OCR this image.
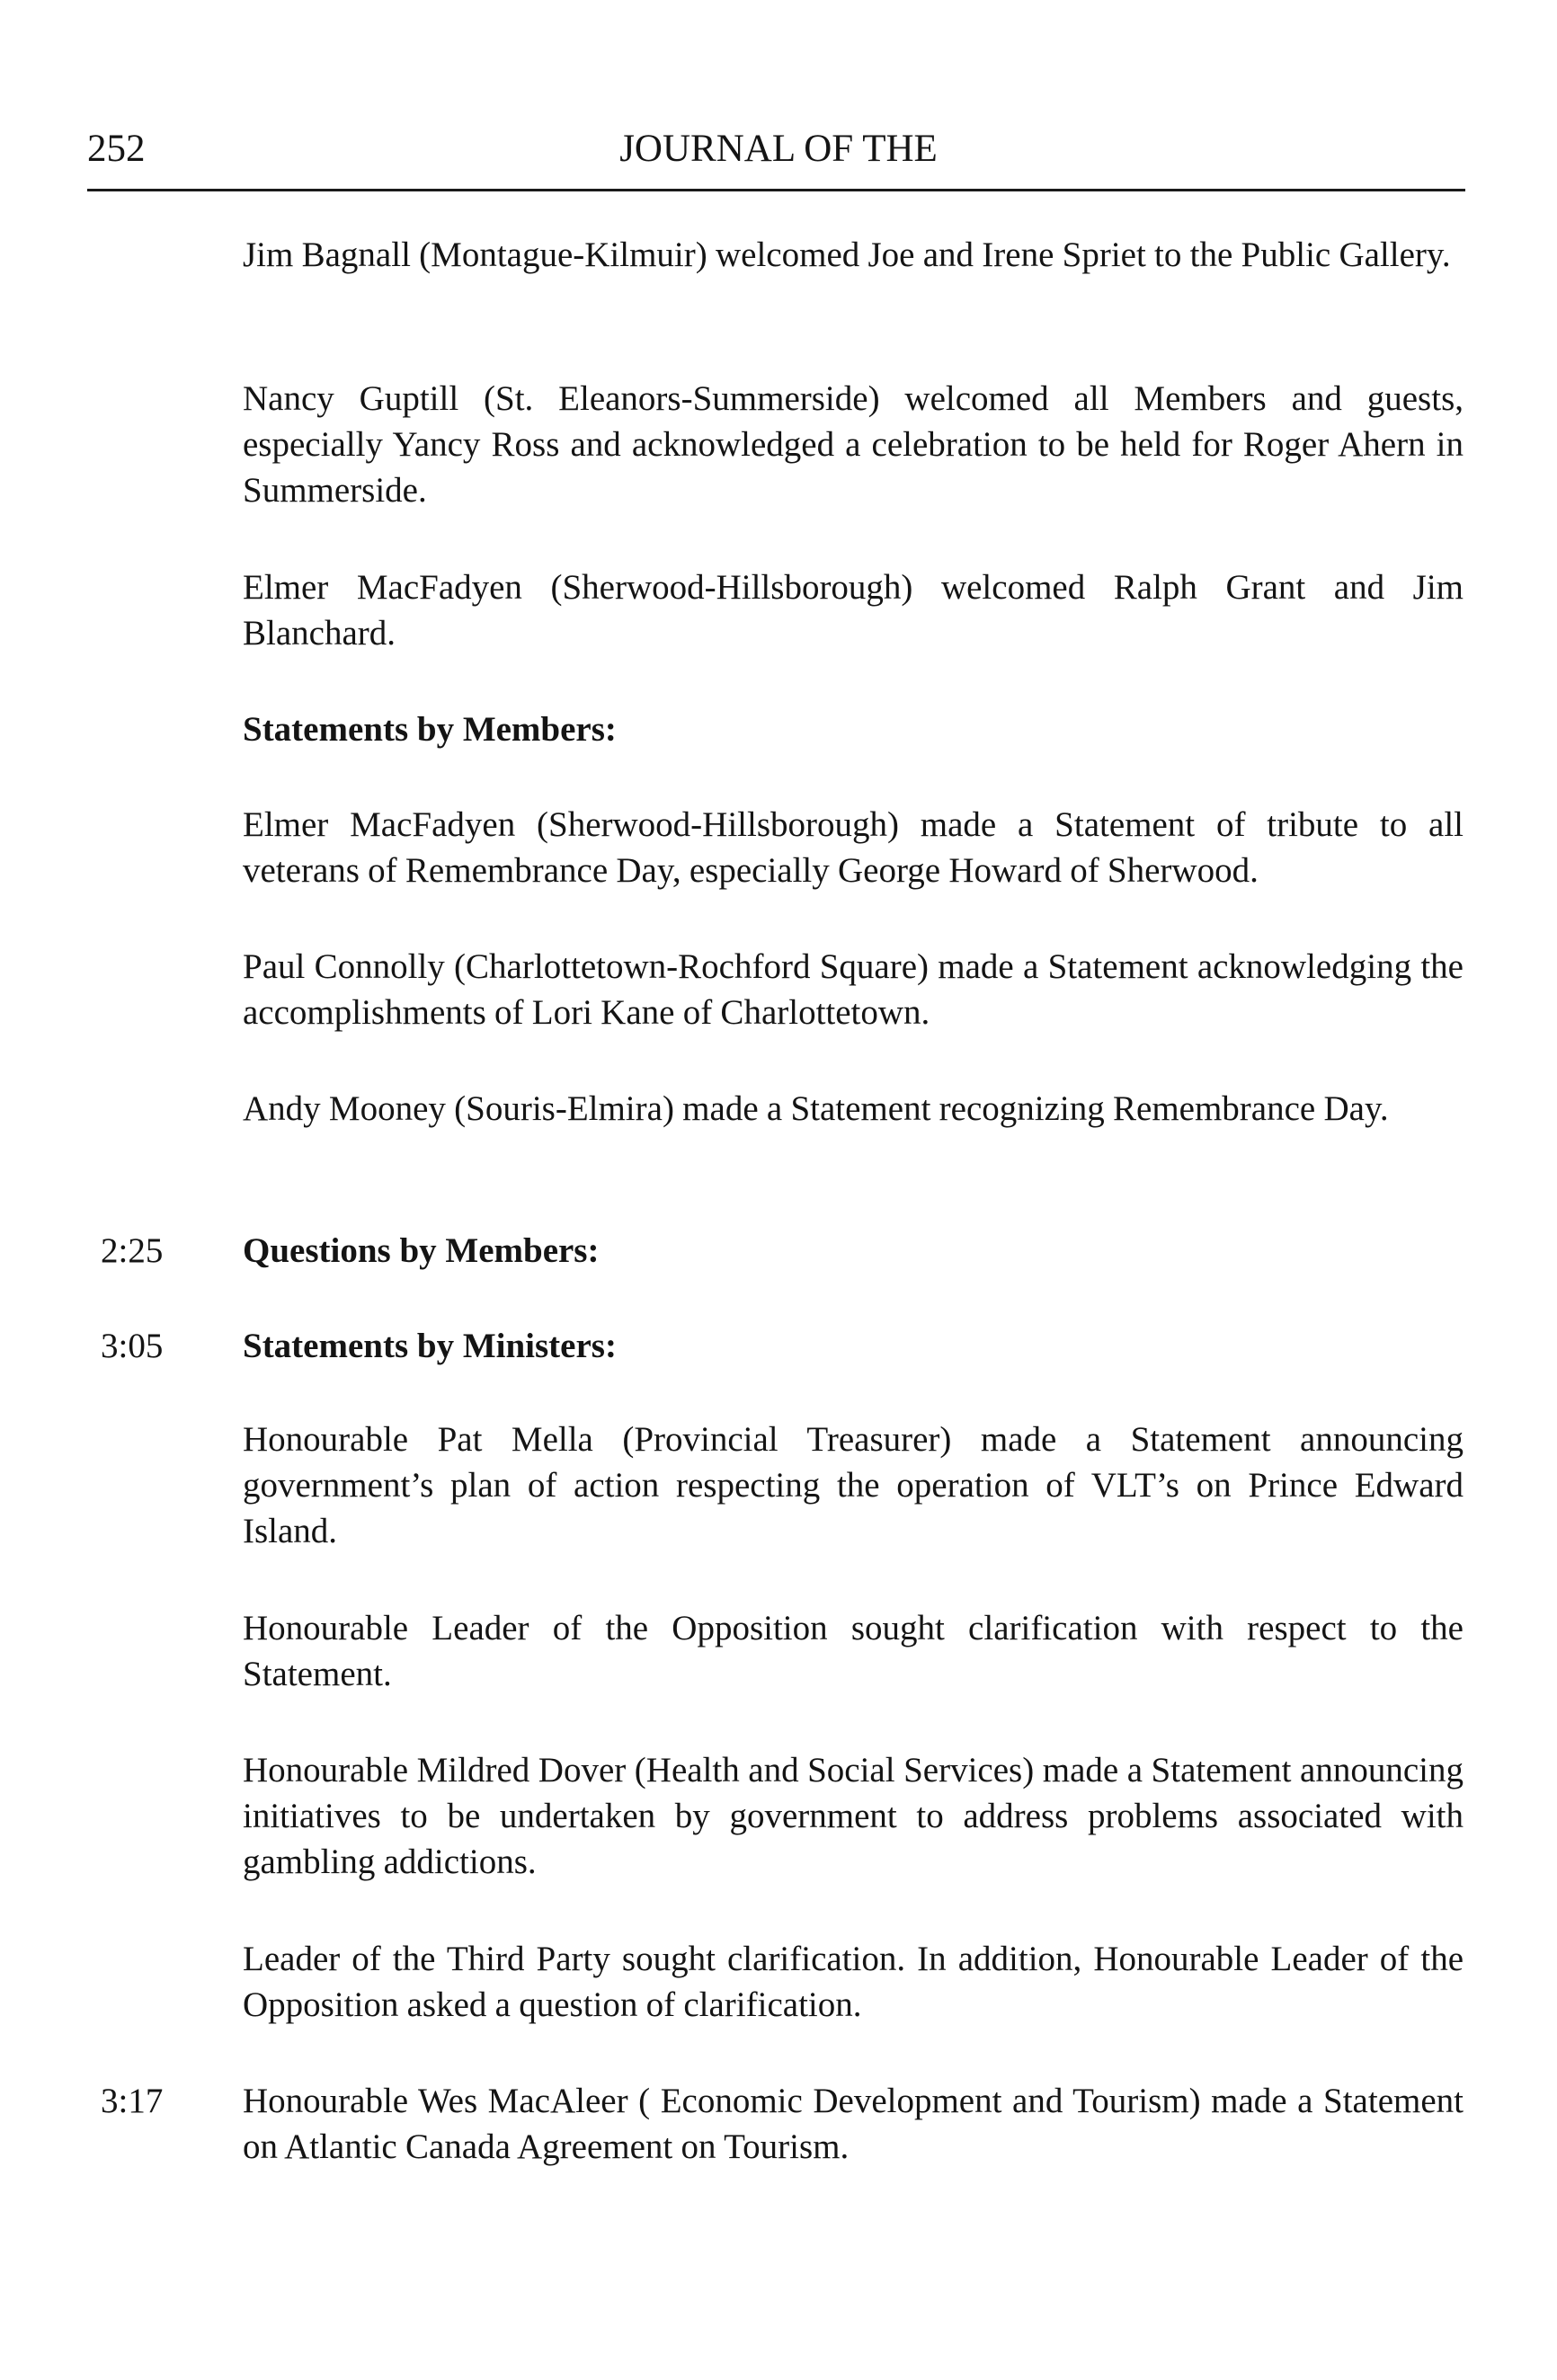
252	JOURNAL OF THE
Jim Bagnall (Montague-Kilmuir) welcomed Joe and Irene Spriet to the Public Gallery.
Nancy Guptill (St. Eleanors-Summerside) welcomed all Members and guests, especially Yancy Ross and acknowledged a celebration to be held for Roger Ahern in Summerside.
Elmer MacFadyen (Sherwood-Hillsborough) welcomed Ralph Grant and Jim Blanchard.
Statements by Members:
Elmer MacFadyen (Sherwood-Hillsborough) made a Statement of tribute to all veterans of Remembrance Day, especially George Howard of Sherwood.
Paul Connolly (Charlottetown-Rochford Square) made a Statement acknowledging the accomplishments of Lori Kane of Charlottetown.
Andy Mooney (Souris-Elmira) made a Statement recognizing Remembrance Day.
2:25 Questions by Members:
3:05 Statements by Ministers:
Honourable Pat Mella (Provincial Treasurer) made a Statement announcing government’s plan of action respecting the operation of VLT’s on Prince Edward Island.
Honourable Leader of the Opposition sought clarification with respect to the Statement.
Honourable Mildred Dover (Health and Social Services) made a Statement announcing initiatives to be undertaken by government to address problems associated with gambling addictions.
Leader of the Third Party sought clarification. In addition, Honourable Leader of the Opposition asked a question of clarification.
3:17 Honourable Wes MacAleer ( Economic Development and Tourism) made a Statement on Atlantic Canada Agreement on Tourism.
